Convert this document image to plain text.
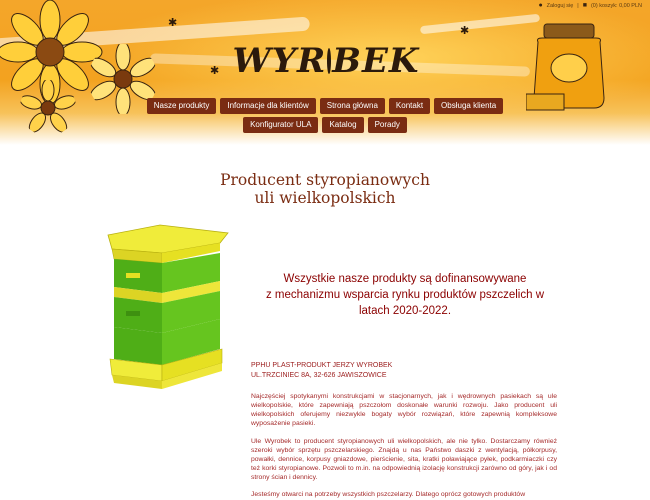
✱
✱
✱
● Zaloguj się | ■ (0) koszyk: 0,00 PLN
WYR BEK
Nasze produkty	Informacje dla klientów	Strona główna	Kontakt	Obsługa klienta
Konfigurator ULA	Katalog	Porady
Producent styropianowych
uli wielkopolskich
Wszystkie nasze produkty są dofinansowywane
z mechanizmu wsparcia rynku produktów pszczelich w
latach 2020-2022.
PPHU PLAST-PRODUKT JERZY WYROBEK
UL.TRZCINIEC 8A, 32-626 JAWISZOWICE

Najczęściej spotykanymi konstrukcjami w stacjonarnych, jak i wędrownych pasiekach są ule wielkopolskie, które zapewniają pszczołom doskonałe warunki rozwoju. Jako producent uli wielkopolskich oferujemy niezwykle bogaty wybór rozwiązań, które zapewnią kompleksowe wyposażenie pasieki.

Ule Wyrobek to producent styropianowych uli wielkopolskich, ale nie tylko. Dostarczamy również szeroki wybór sprzętu pszczelarskiego. Znajdą u nas Państwo daszki z wentylacją, półkorpusy, powałki, dennice, korpusy gniazdowe, pierścienie, sita, kratki poławiające pyłek, podkarmiaczki czy też korki styropianowe. Pozwoli to m.in. na odpowiednią izolację konstrukcji zarówno od góry, jak i od strony ścian i dennicy.

Jesteśmy otwarci na potrzeby wszystkich pszczelarzy. Dlatego oprócz gotowych produktów
